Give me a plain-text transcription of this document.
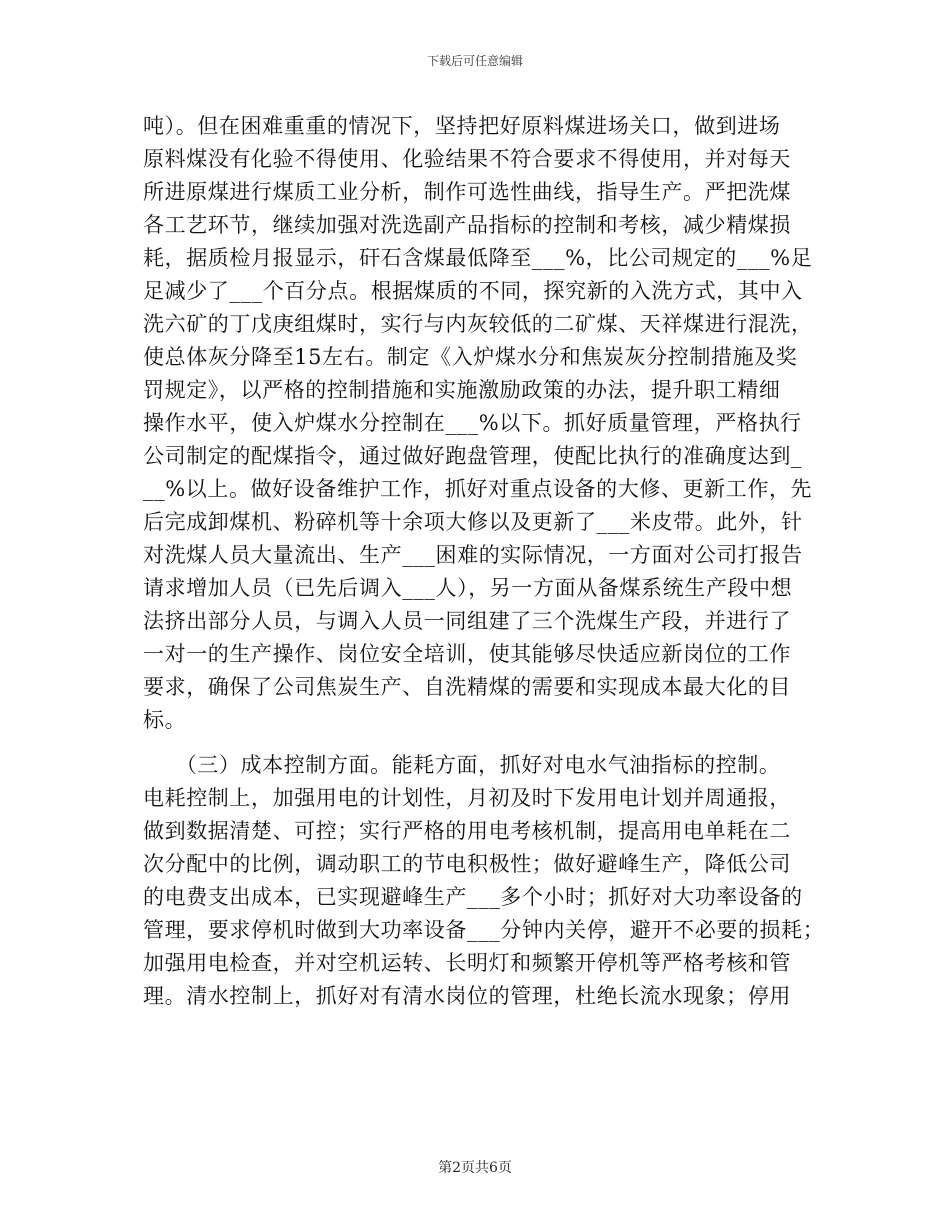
下载后可任意编辑
吨）。但在困难重重的情况下，坚持把好原料煤进场关口，做到进场
原料煤没有化验不得使用、化验结果不符合要求不得使用，并对每天
所进原煤进行煤质工业分析，制作可选性曲线，指导生产。严把洗煤
各工艺环节，继续加强对洗选副产品指标的控制和考核，减少精煤损
耗，据质检月报显示，矸石含煤最低降至___%，比公司规定的___%足
足减少了___个百分点。根据煤质的不同，探究新的入洗方式，其中入
洗六矿的丁戊庚组煤时，实行与内灰较低的二矿煤、天祥煤进行混洗，
使总体灰分降至15左右。制定《入炉煤水分和焦炭灰分控制措施及奖
罚规定》，以严格的控制措施和实施激励政策的办法，提升职工精细
操作水平，使入炉煤水分控制在___%以下。抓好质量管理，严格执行
公司制定的配煤指令，通过做好跑盘管理，使配比执行的准确度达到_
__%以上。做好设备维护工作，抓好对重点设备的大修、更新工作，先
后完成卸煤机、粉碎机等十余项大修以及更新了___米皮带。此外，针
对洗煤人员大量流出、生产___困难的实际情况，一方面对公司打报告
请求增加人员（已先后调入___人），另一方面从备煤系统生产段中想
法挤出部分人员，与调入人员一同组建了三个洗煤生产段，并进行了
一对一的生产操作、岗位安全培训，使其能够尽快适应新岗位的工作
要求，确保了公司焦炭生产、自洗精煤的需要和实现成本最大化的目
标。
　　（三）成本控制方面。能耗方面，抓好对电水气油指标的控制。
电耗控制上，加强用电的计划性，月初及时下发用电计划并周通报，
做到数据清楚、可控；实行严格的用电考核机制，提高用电单耗在二
次分配中的比例，调动职工的节电积极性；做好避峰生产，降低公司
的电费支出成本，已实现避峰生产___多个小时；抓好对大功率设备的
管理，要求停机时做到大功率设备___分钟内关停，避开不必要的损耗；
加强用电检查，并对空机运转、长明灯和频繁开停机等严格考核和管
理。清水控制上，抓好对有清水岗位的管理，杜绝长流水现象；停用
第2页共6页
